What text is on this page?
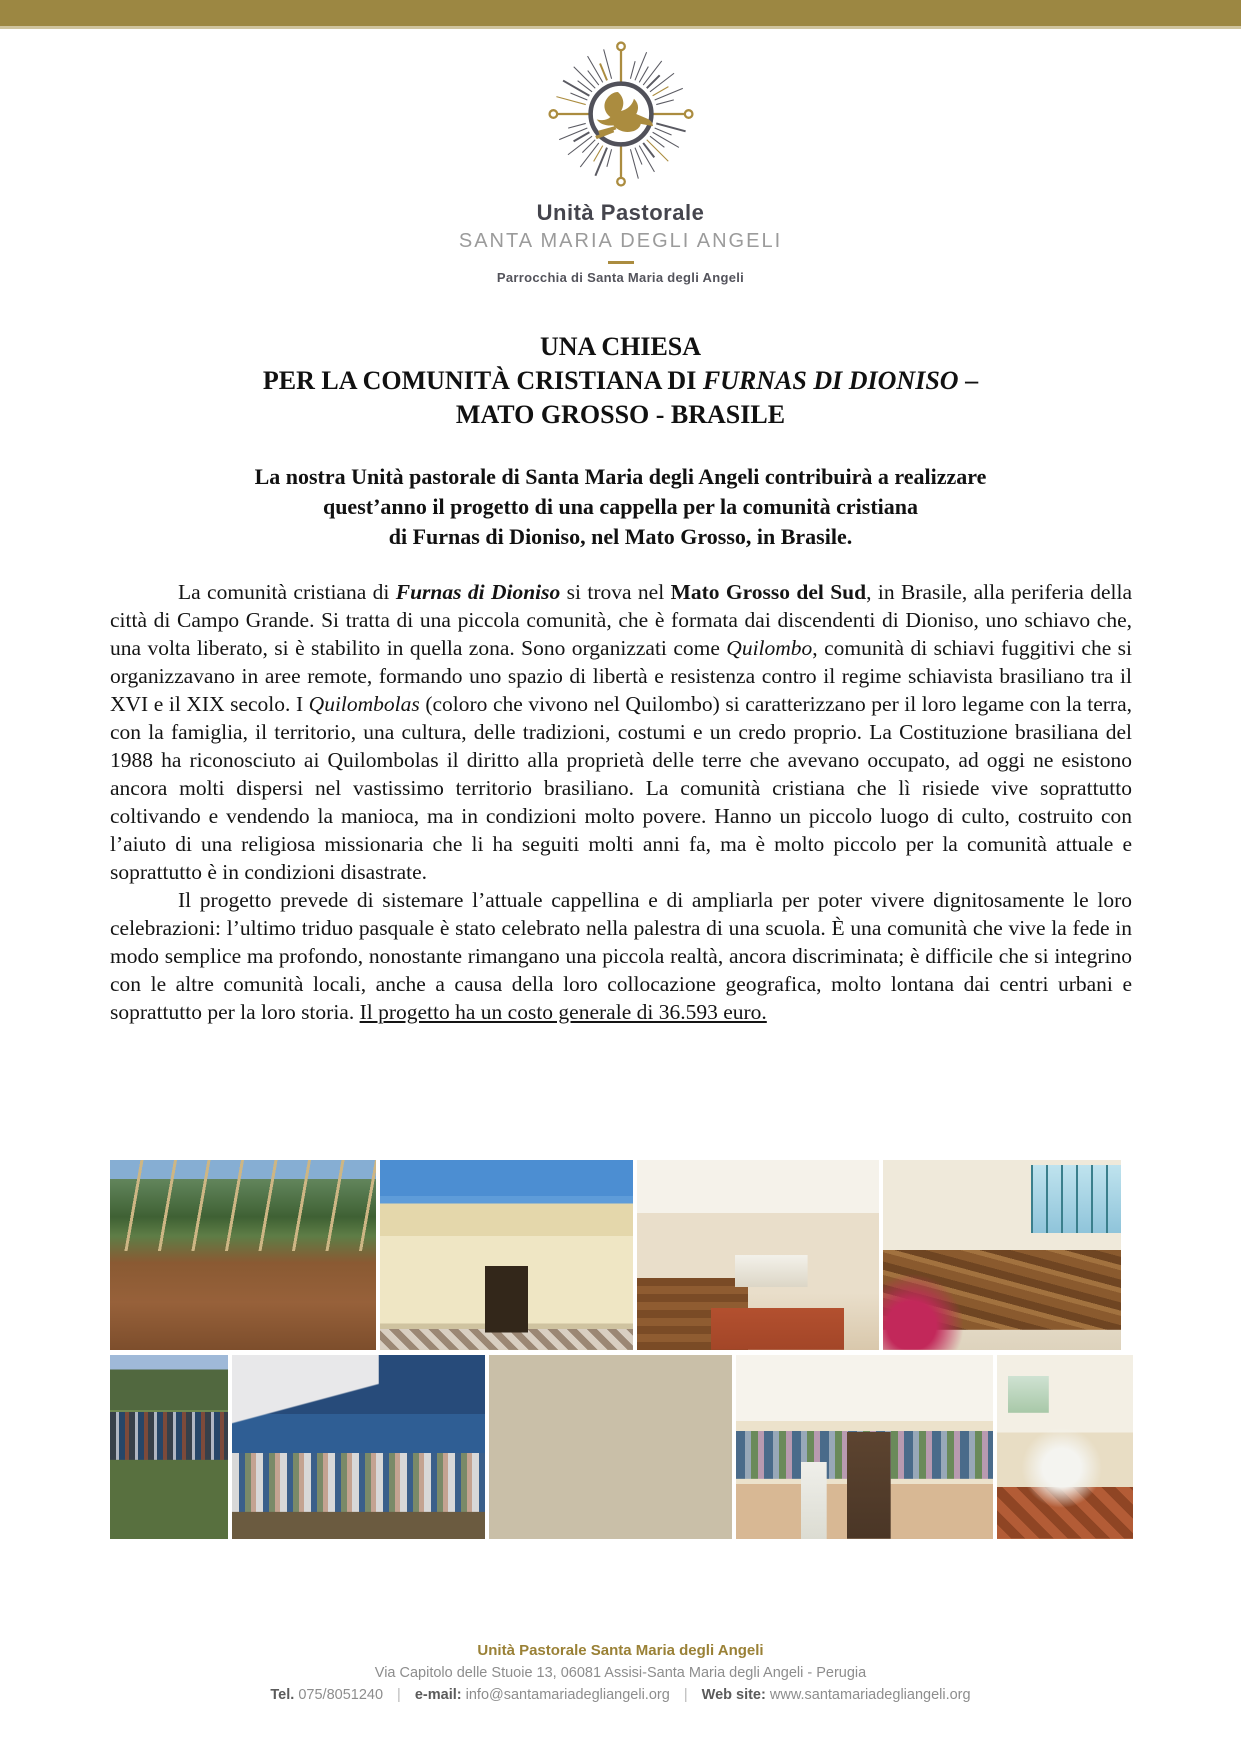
Unità Pastorale
SANTA MARIA DEGLI ANGELI
Parrocchia di Santa Maria degli Angeli
UNA CHIESA
PER LA COMUNITÀ CRISTIANA DI FURNAS DI DIONISO –
MATO GROSSO - BRASILE
La nostra Unità pastorale di Santa Maria degli Angeli contribuirà a realizzare
quest’anno il progetto di una cappella per la comunità cristiana
di Furnas di Dioniso, nel Mato Grosso, in Brasile.

La comunità cristiana di Furnas di Dioniso si trova nel Mato Grosso del Sud, in Brasile, alla periferia della città di Campo Grande. Si tratta di una piccola comunità, che è formata dai discendenti di Dioniso, uno schiavo che, una volta liberato, si è stabilito in quella zona. Sono organizzati come Quilombo, comunità di schiavi fuggitivi che si organizzavano in aree remote, formando uno spazio di libertà e resistenza contro il regime schiavista brasiliano tra il XVI e il XIX secolo. I Quilombolas (coloro che vivono nel Quilombo) si caratterizzano per il loro legame con la terra, con la famiglia, il territorio, una cultura, delle tradizioni, costumi e un credo proprio. La Costituzione brasiliana del 1988 ha riconosciuto ai Quilombolas il diritto alla proprietà delle terre che avevano occupato, ad oggi ne esistono ancora molti dispersi nel vastissimo territorio brasiliano. La comunità cristiana che lì risiede vive soprattutto coltivando e vendendo la manioca, ma in condizioni molto povere. Hanno un piccolo luogo di culto, costruito con l’aiuto di una religiosa missionaria che li ha seguiti molti anni fa, ma è molto piccolo per la comunità attuale e soprattutto è in condizioni disastrate.

Il progetto prevede di sistemare l’attuale cappellina e di ampliarla per poter vivere dignitosamente le loro celebrazioni: l’ultimo triduo pasquale è stato celebrato nella palestra di una scuola. È una comunità che vive la fede in modo semplice ma profondo, nonostante rimangano una piccola realtà, ancora discriminata; è difficile che si integrino con le altre comunità locali, anche a causa della loro collocazione geografica, molto lontana dai centri urbani e soprattutto per la loro storia. Il progetto ha un costo generale di 36.593 euro.

Unità Pastorale Santa Maria degli Angeli
Via Capitolo delle Stuoie 13, 06081 Assisi-Santa Maria degli Angeli - Perugia
Tel. 075/8051240 | e-mail: info@santamariadegliangeli.org | Web site: www.santamariadegliangeli.org
